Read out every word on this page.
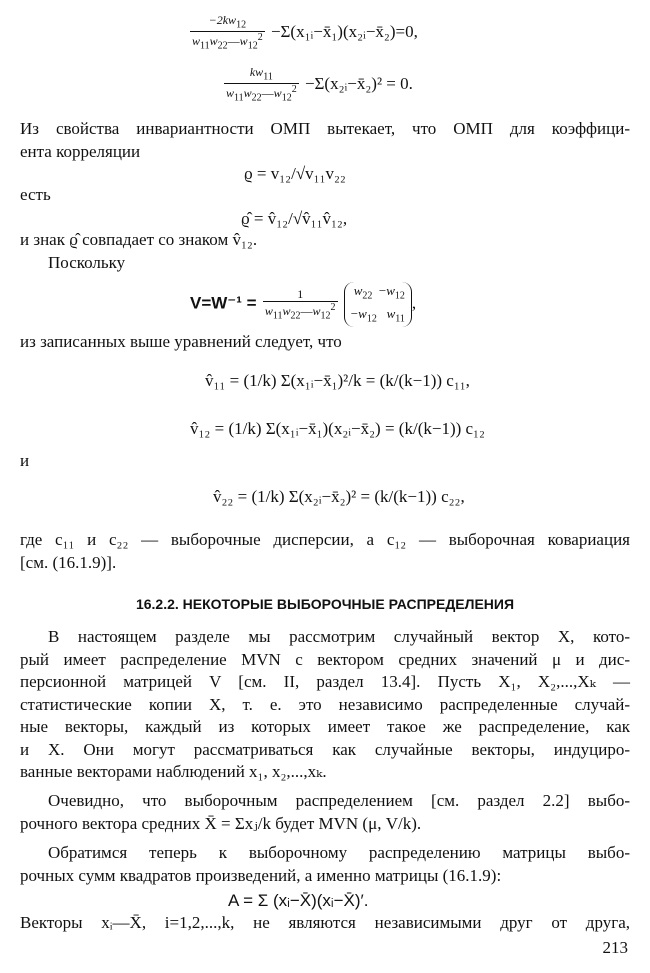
$\frac{-2kw_{12}}{w_{11}w_{22}—w_{12}^2}$ −Σ(x₁ᵢ−x̄₁)(x₂ᵢ−x̄₂)=0,
$\frac{kw_{11}}{w_{11}w_{22}—w_{12}^2}$ −Σ(x₂ᵢ−x̄₂)² = 0.
Из свойства инвариантности ОМП вытекает, что ОМП для коэффици-
ента корреляции
ϱ = v₁₂/√v₁₁v₂₂
есть
ϱ̂ = v̂₁₂/√v̂₁₁v̂₁₂,
и знак ϱ̂ совпадает со знаком v̂₁₂.
Поскольку
$V=W^{-1} = \frac{1}{w_{11}w_{22}—w_{12}^2} w_{22} -w_{12}$
$-w_{12}$ $w_{11}$,
из записанных выше уравнений следует, что
v̂₁₁ = (1/k) Σ(x₁ᵢ−x̄₁)²/k = (k/(k−1)) c₁₁,
v̂₁₂ = (1/k) Σ(x₁ᵢ−x̄₁)(x₂ᵢ−x̄₂) = (k/(k−1)) c₁₂
и
v̂₂₂ = (1/k) Σ(x₂ᵢ−x̄₂)² = (k/(k−1)) c₂₂,
где c₁₁ и c₂₂ — выборочные дисперсии, а c₁₂ — выборочная ковариация
[см. (16.1.9)].
16.2.2. НЕКОТОРЫЕ ВЫБОРОЧНЫЕ РАСПРЕДЕЛЕНИЯ
В настоящем разделе мы рассмотрим случайный вектор X, кото-
рый имеет распределение MVN с вектором средних значений μ и дис-
персионной матрицей V [см. II, раздел 13.4]. Пусть X₁, X₂,...,Xₖ —
статистические копии X, т. е. это независимо распределенные случай-
ные векторы, каждый из которых имеет такое же распределение, как
и X. Они могут рассматриваться как случайные векторы, индуциро-
ванные векторами наблюдений x₁, x₂,...,xₖ.
Очевидно, что выборочным распределением [см. раздел 2.2] выбо-
рочного вектора средних X̄ = Σxⱼ/k будет MVN (μ, V/k).
Обратимся теперь к выборочному распределению матрицы выбо-
рочных сумм квадратов произведений, а именно матрицы (16.1.9):
A = Σ (xᵢ−X̄)(xᵢ−X̄)′.
Векторы xᵢ—X̄, i=1,2,...,k, не являются независимыми друг от друга,
213
